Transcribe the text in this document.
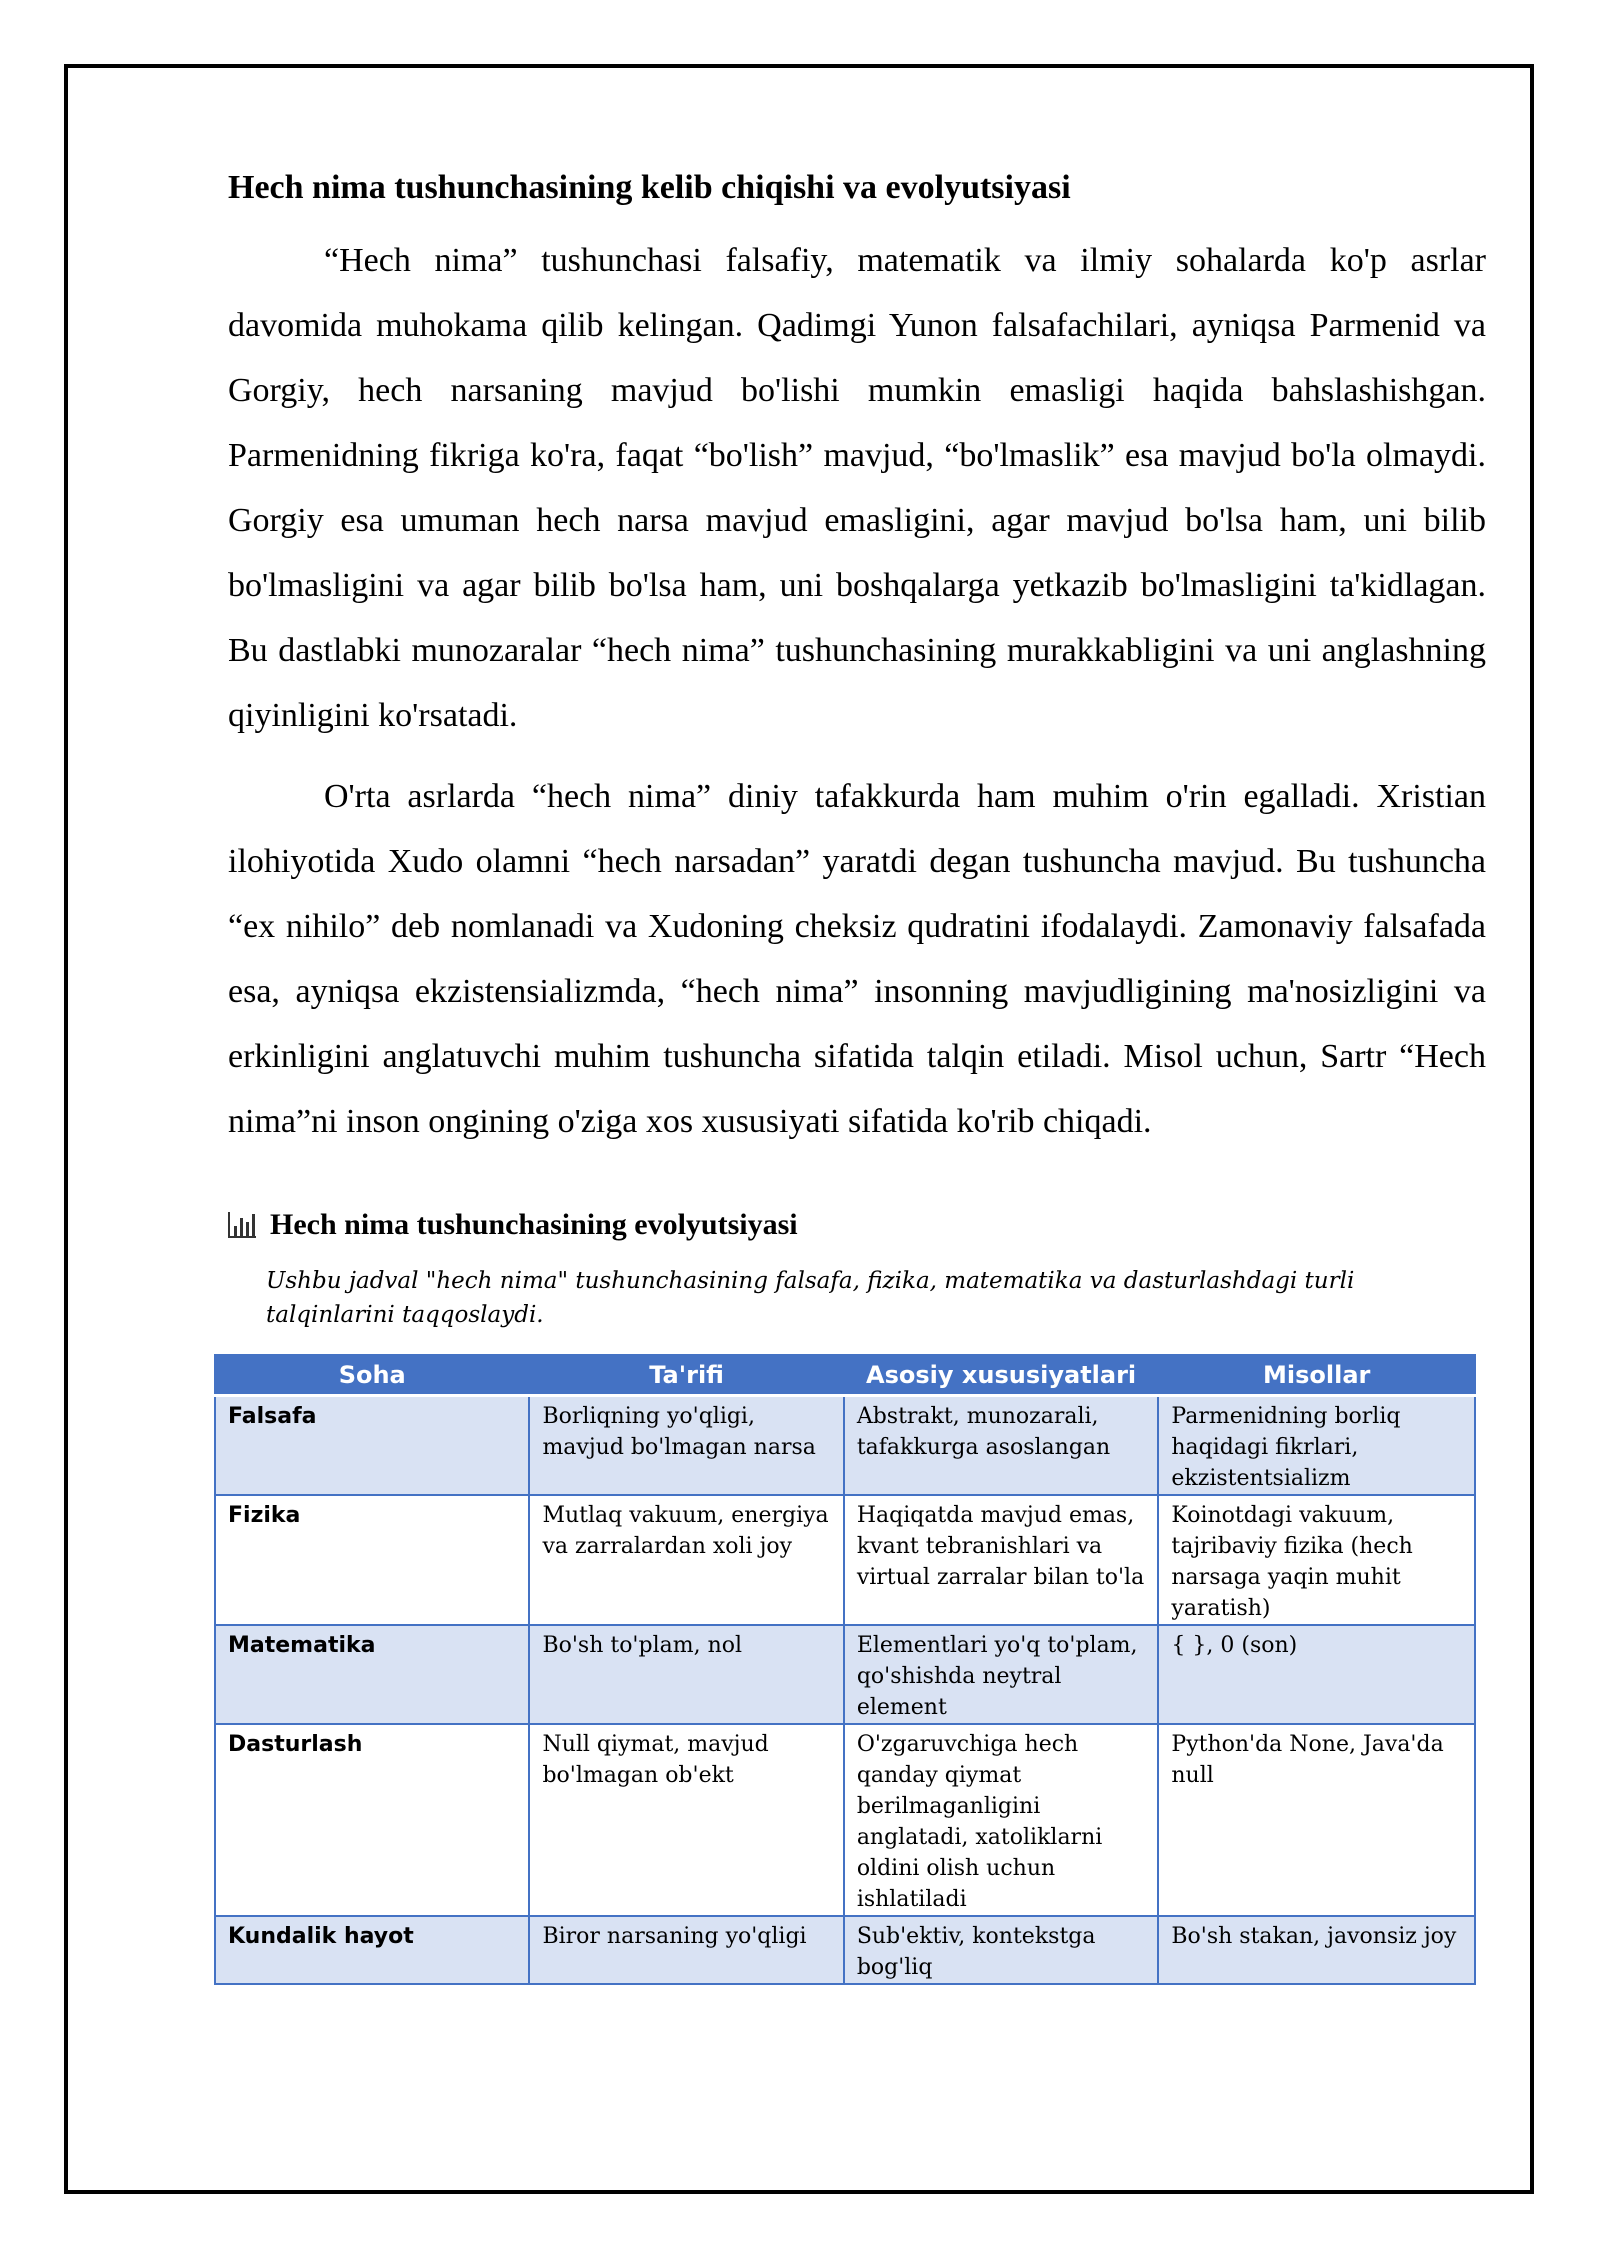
Hech nima tushunchasining kelib chiqishi va evolyutsiyasi

“Hech nima” tushunchasi falsafiy, matematik va ilmiy sohalarda ko'p asrlar davomida muhokama qilib kelingan. Qadimgi Yunon falsafachilari, ayniqsa Parmenid va Gorgiy, hech narsaning mavjud bo'lishi mumkin emasligi haqida bahslashishgan. Parmenidning fikriga ko'ra, faqat “bo'lish” mavjud, “bo'lmaslik” esa mavjud bo'la olmaydi. Gorgiy esa umuman hech narsa mavjud emasligini, agar mavjud bo'lsa ham, uni bilib bo'lmasligini va agar bilib bo'lsa ham, uni boshqalarga yetkazib bo'lmasligini ta'kidlagan. Bu dastlabki munozaralar “hech nima” tushunchasining murakkabligini va uni anglashning qiyinligini ko'rsatadi.

O'rta asrlarda “hech nima” diniy tafakkurda ham muhim o'rin egalladi. Xristian ilohiyotida Xudo olamni “hech narsadan” yaratdi degan tushuncha mavjud. Bu tushuncha “ex nihilo” deb nomlanadi va Xudoning cheksiz qudratini ifodalaydi. Zamonaviy falsafada esa, ayniqsa ekzistensializmda, “hech nima” insonning mavjudligining ma'nosizligini va erkinligini anglatuvchi muhim tushuncha sifatida talqin etiladi. Misol uchun, Sartr “Hech nima”ni inson ongining o'ziga xos xususiyati sifatida ko'rib chiqadi.

Hech nima tushunchasining evolyutsiyasi
Ushbu jadval "hech nima" tushunchasining falsafa, fizika, matematika va dasturlashdagi turli talqinlarini taqqoslaydi.
Soha	Ta'rifi	Asosiy xususiyatlari	Misollar
Falsafa	Borliqning yo'qligi, mavjud bo'lmagan narsa	Abstrakt, munozarali, tafakkurga asoslangan	Parmenidning borliq haqidagi fikrlari, ekzistentsializm
Fizika	Mutlaq vakuum, energiya va zarralardan xoli joy	Haqiqatda mavjud emas, kvant tebranishlari va virtual zarralar bilan to'la	Koinotdagi vakuum, tajribaviy fizika (hech narsaga yaqin muhit yaratish)
Matematika	Bo'sh to'plam, nol	Elementlari yo'q to'plam, qo'shishda neytral element	{ }, 0 (son)
Dasturlash	Null qiymat, mavjud bo'lmagan ob'ekt	O'zgaruvchiga hech qanday qiymat berilmaganligini anglatadi, xatoliklarni oldini olish uchun ishlatiladi	Python'da None, Java'da null
Kundalik hayot	Biror narsaning yo'qligi	Sub'ektiv, kontekstga bog'liq	Bo'sh stakan, javonsiz joy
